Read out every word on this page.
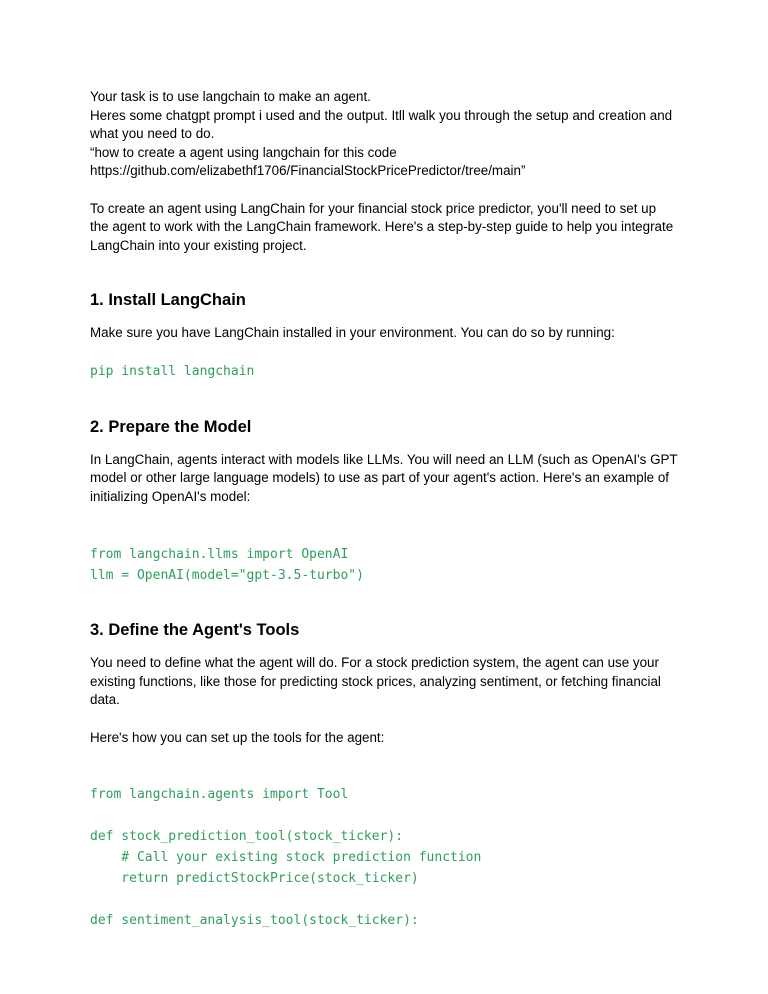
Your task is to use langchain to make an agent.
Heres some chatgpt prompt i used and the output. Itll walk you through the setup and creation and what you need to do.
“how to create a agent using langchain for this code https://github.com/elizabethf1706/FinancialStockPricePredictor/tree/main”

To create an agent using LangChain for your financial stock price predictor, you'll need to set up the agent to work with the LangChain framework. Here's a step-by-step guide to help you integrate LangChain into your existing project.

1. Install LangChain

Make sure you have LangChain installed in your environment. You can do so by running:

pip install langchain
2. Prepare the Model

In LangChain, agents interact with models like LLMs. You will need an LLM (such as OpenAI's GPT model or other large language models) to use as part of your agent's action. Here's an example of initializing OpenAI's model:

from langchain.llms import OpenAI
llm = OpenAI(model="gpt-3.5-turbo")
3. Define the Agent's Tools

You need to define what the agent will do. For a stock prediction system, the agent can use your existing functions, like those for predicting stock prices, analyzing sentiment, or fetching financial data.

Here's how you can set up the tools for the agent:

from langchain.agents import Tool
def stock_prediction_tool(stock_ticker):
# Call your existing stock prediction function
return predictStockPrice(stock_ticker)
def sentiment_analysis_tool(stock_ticker):
